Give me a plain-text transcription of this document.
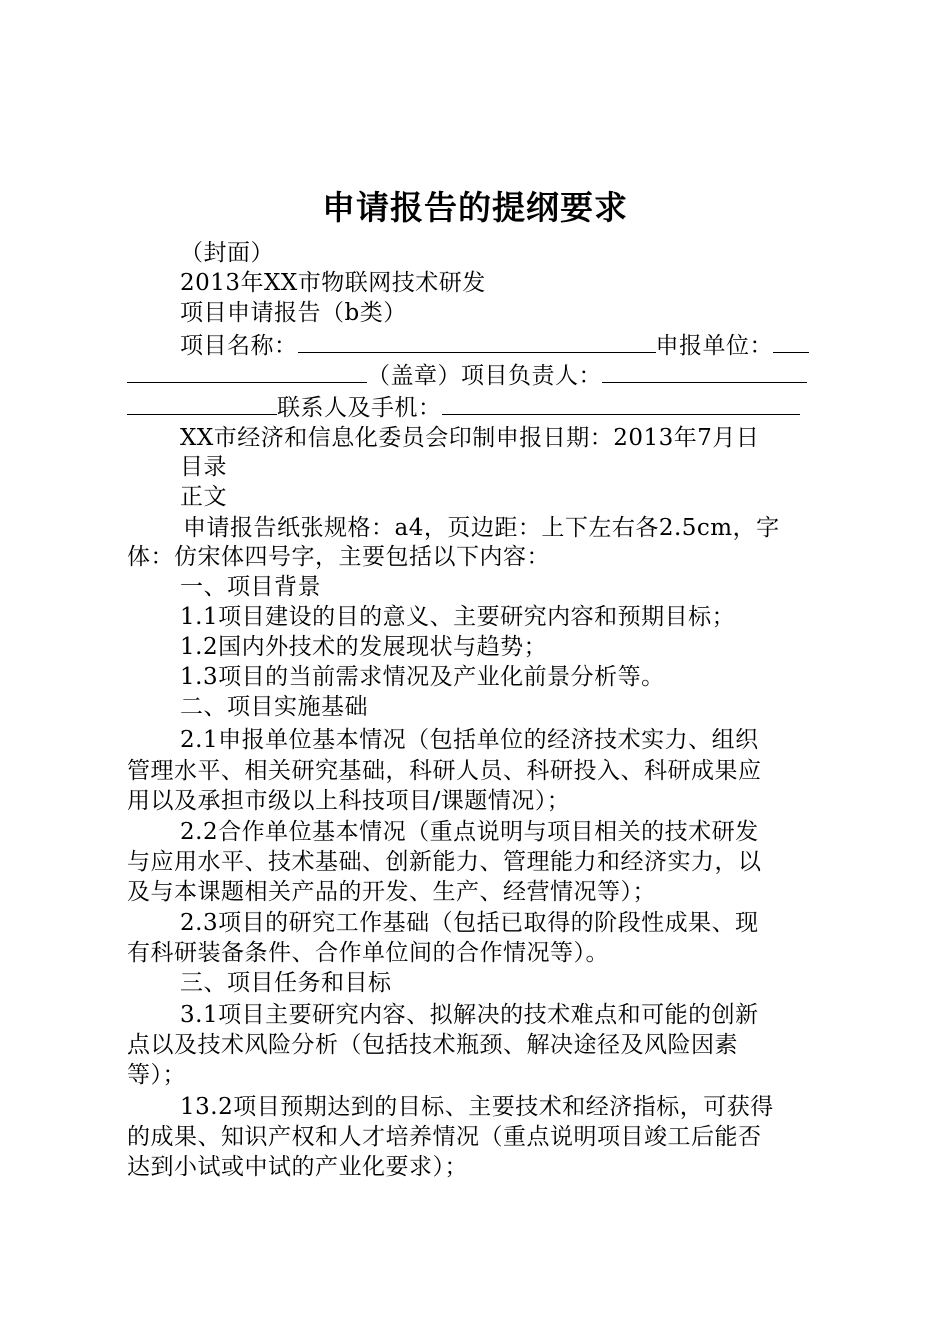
申请报告的提纲要求

（封面）

2013年XX市物联网技术研发

项目申请报告（b类）

项目名称：	申报单位：

（盖章）项目负责人：

联系人及手机：

XX市经济和信息化委员会印制申报日期：2013年7月日

目录

正文

申请报告纸张规格：a4，页边距：上下左右各2.5cm，字

体：仿宋体四号字，主要包括以下内容：

一、项目背景

1.1项目建设的目的意义、主要研究内容和预期目标；

1.2国内外技术的发展现状与趋势；

1.3项目的当前需求情况及产业化前景分析等。

二、项目实施基础

2.1申报单位基本情况（包括单位的经济技术实力、组织

管理水平、相关研究基础，科研人员、科研投入、科研成果应

用以及承担市级以上科技项目/课题情况）；

2.2合作单位基本情况（重点说明与项目相关的技术研发

与应用水平、技术基础、创新能力、管理能力和经济实力，以

及与本课题相关产品的开发、生产、经营情况等）；

2.3项目的研究工作基础（包括已取得的阶段性成果、现

有科研装备条件、合作单位间的合作情况等）。

三、项目任务和目标

3.1项目主要研究内容、拟解决的技术难点和可能的创新

点以及技术风险分析（包括技术瓶颈、解决途径及风险因素

等）；

13.2项目预期达到的目标、主要技术和经济指标，可获得

的成果、知识产权和人才培养情况（重点说明项目竣工后能否

达到小试或中试的产业化要求）；
